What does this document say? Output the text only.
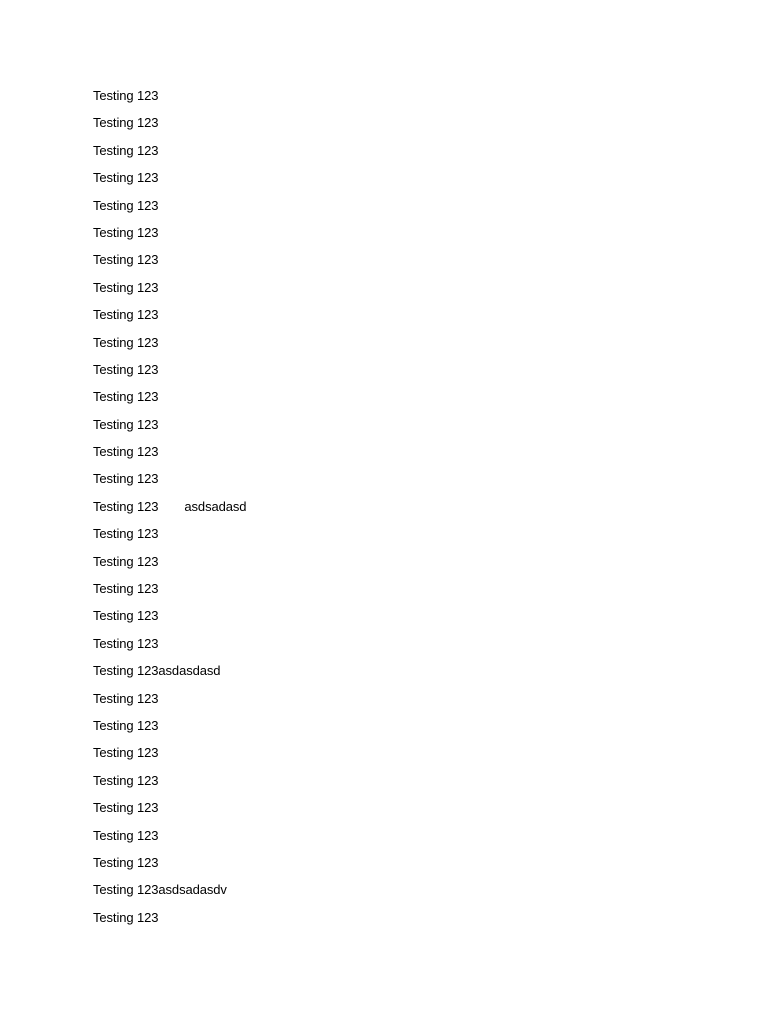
Testing 123
Testing 123
Testing 123
Testing 123
Testing 123
Testing 123
Testing 123
Testing 123
Testing 123
Testing 123
Testing 123
Testing 123
Testing 123
Testing 123
Testing 123
Testing 123 asdsadasd
Testing 123
Testing 123
Testing 123
Testing 123
Testing 123
Testing 123asdasdasd
Testing 123
Testing 123
Testing 123
Testing 123
Testing 123
Testing 123
Testing 123
Testing 123asdsadasdv
Testing 123
